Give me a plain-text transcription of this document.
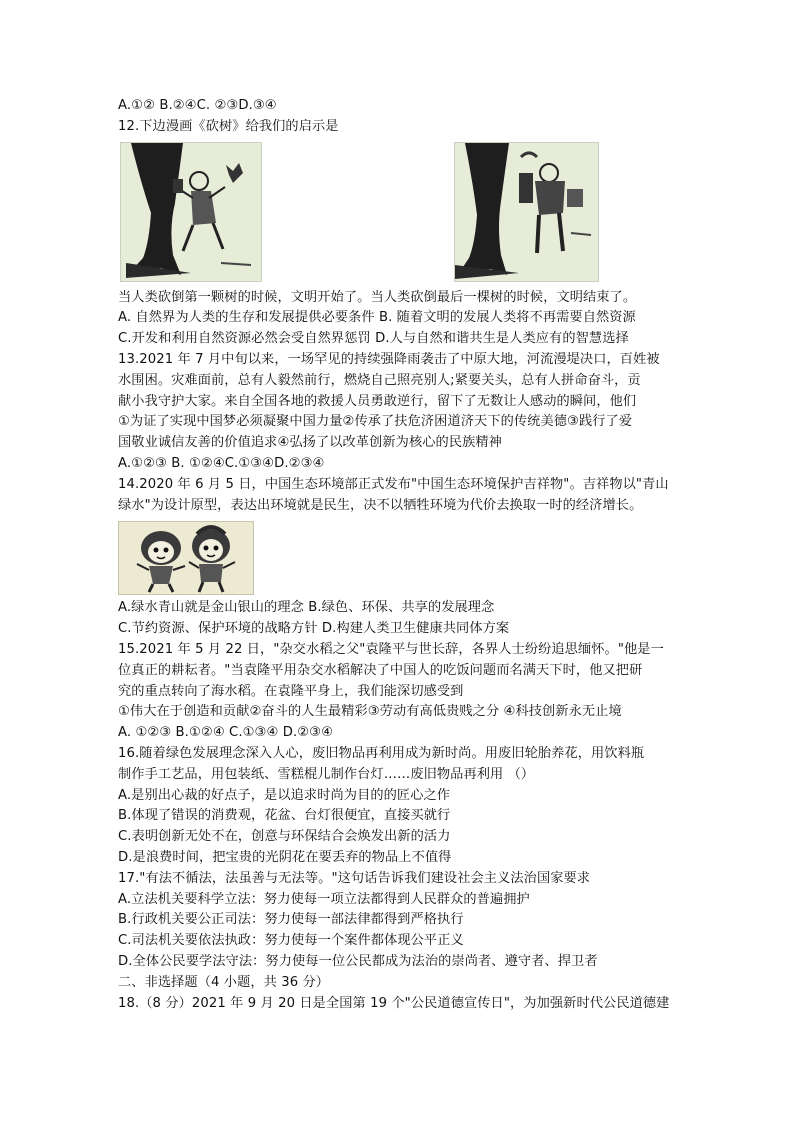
A.①② B.②④C. ②③D.③④
12.下边漫画《砍树》给我们的启示是
当人类砍倒第一颗树的时候，文明开始了。当人类砍倒最后一棵树的时候，文明结束了。
A. 自然界为人类的生存和发展提供必要条件 B. 随着文明的发展人类将不再需要自然资源
C.开发和利用自然资源必然会受自然界惩罚 D.人与自然和谐共生是人类应有的智慧选择
13.2021 年 7 月中旬以来，一场罕见的持续强降雨袭击了中原大地，河流漫堤决口，百姓被
水围困。灾难面前，总有人毅然前行，燃烧自己照亮别人;紧要关头，总有人拼命奋斗，贡
献小我守护大家。来自全国各地的救援人员勇敢逆行，留下了无数让人感动的瞬间，他们
①为证了实现中国梦必须凝聚中国力量②传承了扶危济困道济天下的传统美德③践行了爱
国敬业诚信友善的价值追求④弘扬了以改革创新为核心的民族精神
A.①②③ B. ①②④C.①③④D.②③④
14.2020 年 6 月 5 日，中国生态环境部正式发布"中国生态环境保护吉祥物"。吉祥物以"青山
绿水"为设计原型，表达出环境就是民生，决不以牺牲环境为代价去换取一时的经济增长。
A.绿水青山就是金山银山的理念 B.绿色、环保、共享的发展理念
C.节约资源、保护环境的战略方针 D.构建人类卫生健康共同体方案
15.2021 年 5 月 22 日，"杂交水稻之父"袁隆平与世长辞，各界人士纷纷追思缅怀。"他是一
位真正的耕耘者。"当袁隆平用杂交水稻解决了中国人的吃饭问题而名满天下时，他又把研
究的重点转向了海水稻。在袁隆平身上，我们能深切感受到
①伟大在于创造和贡献②奋斗的人生最精彩③劳动有高低贵贱之分 ④科技创新永无止境
A. ①②③ B.①②④ C.①③④ D.②③④
16.随着绿色发展理念深入人心，废旧物品再利用成为新时尚。用废旧轮胎养花，用饮料瓶
制作手工艺品，用包装纸、雪糕棍儿制作台灯……废旧物品再利用 （）
A.是别出心裁的好点子，是以追求时尚为目的的匠心之作
B.体现了错误的消费观，花盆、台灯很便宜，直接买就行
C.表明创新无处不在，创意与环保结合会焕发出新的活力
D.是浪费时间，把宝贵的光阴花在要丢弃的物品上不值得
17."有法不循法，法虽善与无法等。"这句话告诉我们建设社会主义法治国家要求
A.立法机关要科学立法：努力使每一项立法都得到人民群众的普遍拥护
B.行政机关要公正司法：努力使每一部法律都得到严格执行
C.司法机关要依法执政：努力使每一个案件都体现公平正义
D.全体公民要学法守法：努力使每一位公民都成为法治的崇尚者、遵守者、捍卫者
二、非选择题（4 小题，共 36 分）
18.（8 分）2021 年 9 月 20 日是全国第 19 个"公民道德宣传日"，为加强新时代公民道德建
